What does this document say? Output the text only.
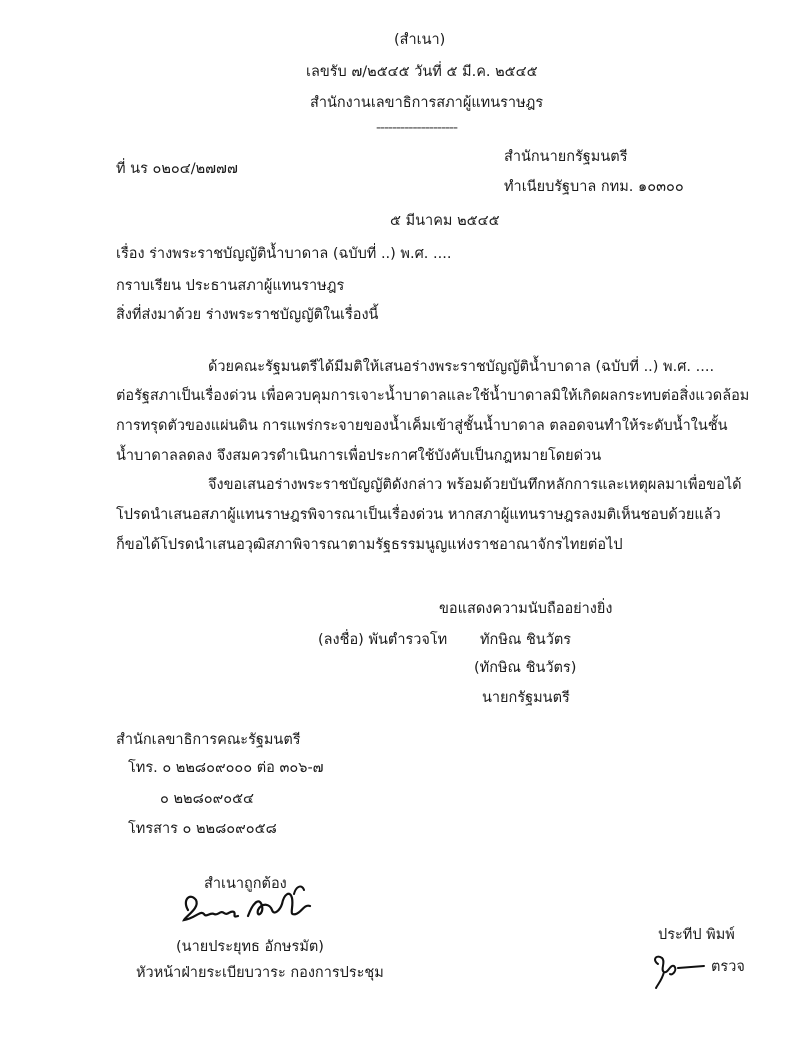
(สำเนา)
เลขรับ ๗/๒๕๔๕ วันที่ ๕ มี.ค. ๒๕๔๕
สำนักงานเลขาธิการสภาผู้แทนราษฎร
--------------------
สำนักนายกรัฐมนตรี
ที่ นร ๐๒๐๔/๒๗๗๗
ทำเนียบรัฐบาล กทม. ๑๐๓๐๐
๕ มีนาคม ๒๕๔๕
เรื่อง ร่างพระราชบัญญัติน้ำบาดาล (ฉบับที่ ..) พ.ศ. ....
กราบเรียน ประธานสภาผู้แทนราษฎร
สิ่งที่ส่งมาด้วย ร่างพระราชบัญญัติในเรื่องนี้
ด้วยคณะรัฐมนตรีได้มีมติให้เสนอร่างพระราชบัญญัติน้ำบาดาล (ฉบับที่ ..) พ.ศ. ....
ต่อรัฐสภาเป็นเรื่องด่วน เพื่อควบคุมการเจาะน้ำบาดาลและใช้น้ำบาดาลมิให้เกิดผลกระทบต่อสิ่งแวดล้อม
การทรุดตัวของแผ่นดิน การแพร่กระจายของน้ำเค็มเข้าสู่ชั้นน้ำบาดาล ตลอดจนทำให้ระดับน้ำในชั้น
น้ำบาดาลลดลง จึงสมควรดำเนินการเพื่อประกาศใช้บังคับเป็นกฎหมายโดยด่วน
จึงขอเสนอร่างพระราชบัญญัติดังกล่าว พร้อมด้วยบันทึกหลักการและเหตุผลมาเพื่อขอได้
โปรดนำเสนอสภาผู้แทนราษฎรพิจารณาเป็นเรื่องด่วน หากสภาผู้แทนราษฎรลงมติเห็นชอบด้วยแล้ว
ก็ขอได้โปรดนำเสนอวุฒิสภาพิจารณาตามรัฐธรรมนูญแห่งราชอาณาจักรไทยต่อไป
ขอแสดงความนับถืออย่างยิ่ง
(ลงชื่อ) พันตำรวจโท ทักษิณ ชินวัตร
(ทักษิณ ชินวัตร)
นายกรัฐมนตรี
สำนักเลขาธิการคณะรัฐมนตรี
โทร. ๐ ๒๒๘๐๙๐๐๐ ต่อ ๓๐๖-๗
๐ ๒๒๘๐๙๐๕๔
โทรสาร ๐ ๒๒๘๐๙๐๕๘
สำเนาถูกต้อง
(นายประยุทธ อักษรมัต)
หัวหน้าฝ่ายระเบียบวาระ กองการประชุม
ประทีป พิมพ์
ตรวจ
